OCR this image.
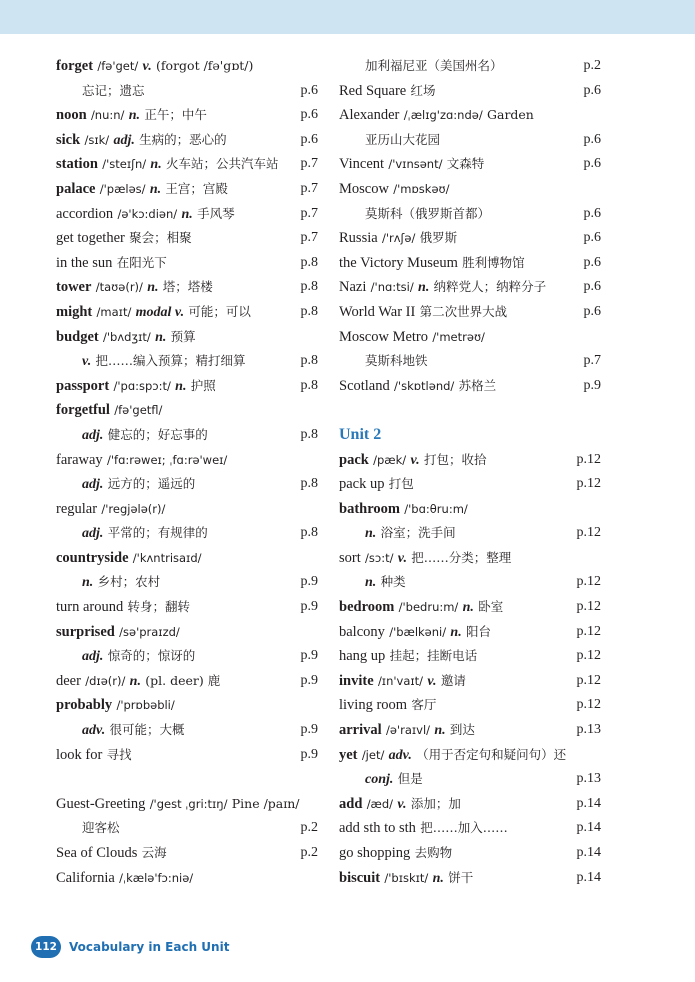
forget /fə'get/ v. (forgot /fə'gɒt/)
忘记；遗忘	p.6
noon /nu:n/ n. 正午；中午	p.6
sick /sɪk/ adj. 生病的；恶心的	p.6
station /'steɪʃn/ n. 火车站；公共汽车站 p.7
palace /'pæləs/ n. 王宫；宫殿	p.7
accordion /ə'kɔ:diən/ n. 手风琴	p.7
get together 聚会；相聚	p.7
in the sun 在阳光下	p.8
tower /taʊə(r)/ n. 塔；塔楼	p.8
might /maɪt/ modal v. 可能；可以	p.8
budget /'bʌdʒɪt/ n. 预算
v. 把……编入预算；精打细算	p.8
passport /'pɑ:spɔ:t/ n. 护照	p.8
forgetful /fə'getfl/
adj. 健忘的；好忘事的	p.8
faraway /'fɑ:rəweɪ; ˌfɑ:rə'weɪ/
adj. 远方的；遥远的	p.8
regular /'regjələ(r)/
adj. 平常的；有规律的	p.8
countryside /'kʌntrisaɪd/
n. 乡村；农村	p.9
turn around 转身；翻转	p.9
surprised /sə'praɪzd/
adj. 惊奇的；惊讶的	p.9
deer /dɪə(r)/ n. (pl. deer) 鹿	p.9
probably /'prɒbəbli/
adv. 很可能；大概	p.9
look for 寻找	p.9
Guest-Greeting /'gest ˌgri:tɪŋ/ Pine /paɪn/
迎客松	p.2
Sea of Clouds 云海	p.2
California /ˌkælə'fɔ:niə/
加利福尼亚（美国州名）	p.2
Red Square 红场	p.6
Alexander /ˌælɪg'zɑ:ndə/ Garden
亚历山大花园	p.6
Vincent /'vɪnsənt/ 文森特	p.6
Moscow /'mɒskəʊ/
莫斯科（俄罗斯首都）	p.6
Russia /'rʌʃə/ 俄罗斯	p.6
the Victory Museum 胜利博物馆	p.6
Nazi /'nɑ:tsi/ n. 纳粹党人；纳粹分子	p.6
World War II 第二次世界大战	p.6
Moscow Metro /'metrəʊ/
莫斯科地铁	p.7
Scotland /'skɒtlənd/ 苏格兰	p.9
Unit 2
pack /pæk/ v. 打包；收拾	p.12
pack up 打包	p.12
bathroom /'bɑ:θru:m/
n. 浴室；洗手间	p.12
sort /sɔ:t/ v. 把……分类；整理
n. 种类	p.12
bedroom /'bedru:m/ n. 卧室	p.12
balcony /'bælkəni/ n. 阳台	p.12
hang up 挂起；挂断电话	p.12
invite /ɪn'vaɪt/ v. 邀请	p.12
living room 客厅	p.12
arrival /ə'raɪvl/ n. 到达	p.13
yet /jet/ adv. （用于否定句和疑问句）还
conj. 但是	p.13
add /æd/ v. 添加；加	p.14
add sth to sth 把……加入……	p.14
go shopping 去购物	p.14
biscuit /'bɪskɪt/ n. 饼干	p.14
112	Vocabulary in Each Unit
